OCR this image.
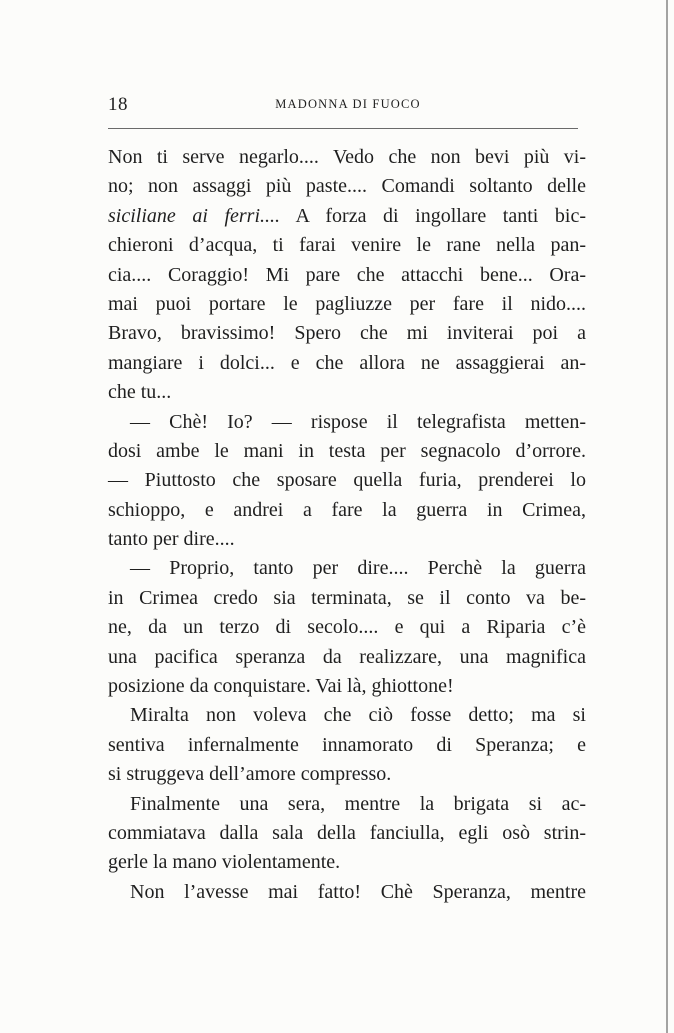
18	MADONNA DI FUOCO
Non ti serve negarlo.... Vedo che non bevi più vi-
no; non assaggi più paste.... Comandi soltanto delle
siciliane ai ferri.... A forza di ingollare tanti bic-
chieroni d’acqua, ti farai venire le rane nella pan-
cia.... Coraggio! Mi pare che attacchi bene... Ora-
mai puoi portare le pagliuzze per fare il nido....
Bravo, bravissimo! Spero che mi inviterai poi a
mangiare i dolci... e che allora ne assaggierai an-
che tu...
— Chè! Io? — rispose il telegrafista metten-
dosi ambe le mani in testa per segnacolo d’orrore.
— Piuttosto che sposare quella furia, prenderei lo
schioppo, e andrei a fare la guerra in Crimea,
tanto per dire....
— Proprio, tanto per dire.... Perchè la guerra
in Crimea credo sia terminata, se il conto va be-
ne, da un terzo di secolo.... e qui a Riparia c’è
una pacifica speranza da realizzare, una magnifica
posizione da conquistare. Vai là, ghiottone!
Miralta non voleva che ciò fosse detto; ma si
sentiva infernalmente innamorato di Speranza; e
si struggeva dell’amore compresso.
Finalmente una sera, mentre la brigata si ac-
commiatava dalla sala della fanciulla, egli osò strin-
gerle la mano violentamente.
Non l’avesse mai fatto! Chè Speranza, mentre
